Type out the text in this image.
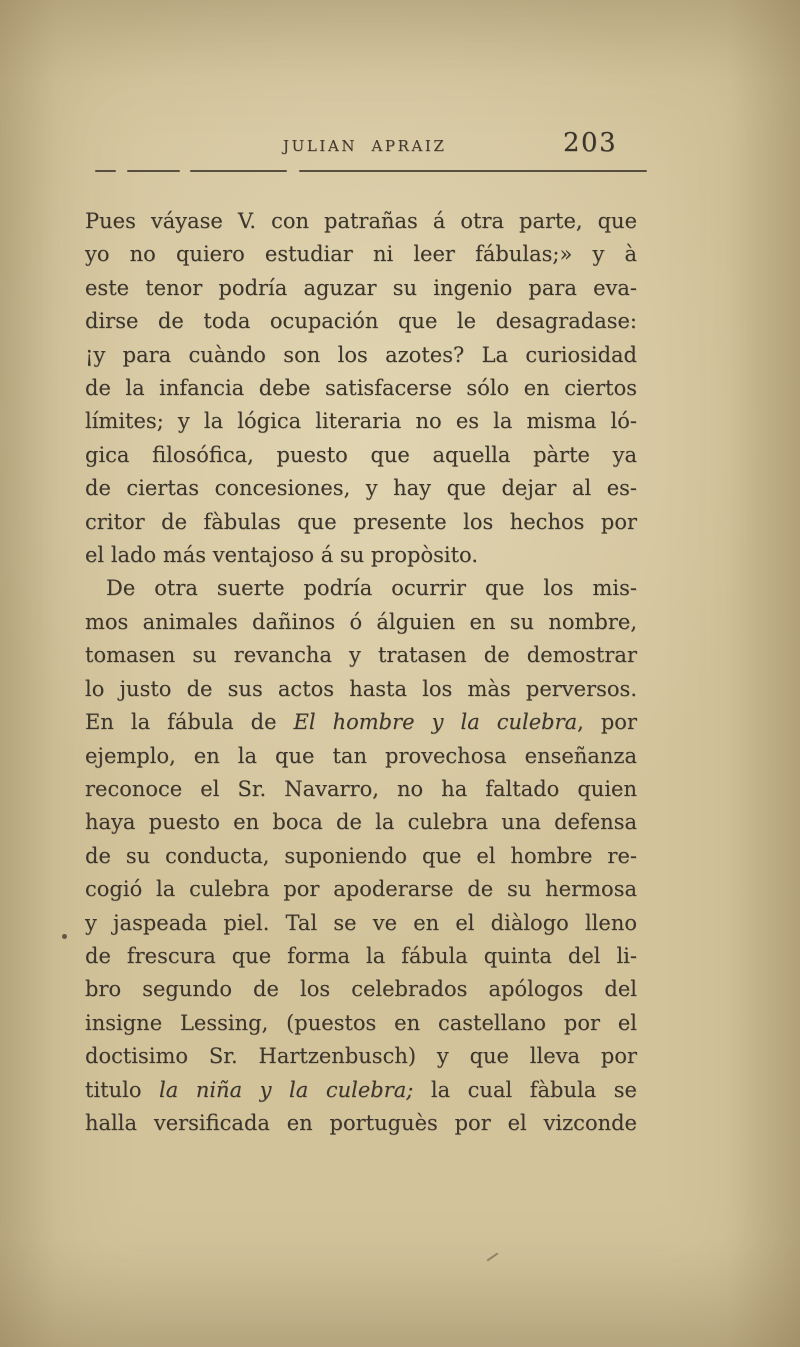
JULIAN APRAIZ	203
Pues váyase V. con patrañas á otra parte, que
yo no quiero estudiar ni leer fábulas;» y à
este tenor podría aguzar su ingenio para eva-
dirse de toda ocupación que le desagradase:
¡y para cuàndo son los azotes? La curiosidad
de la infancia debe satisfacerse sólo en ciertos
límites; y la lógica literaria no es la misma ló-
gica filosófica, puesto que aquella pàrte ya
de ciertas concesiones, y hay que dejar al es-
critor de fàbulas que presente los hechos por
el lado más ventajoso á su propòsito.
De otra suerte podría ocurrir que los mis-
mos animales dañinos ó álguien en su nombre,
tomasen su revancha y tratasen de demostrar
lo justo de sus actos hasta los màs perversos.
En la fábula de El hombre y la culebra, por
ejemplo, en la que tan provechosa enseñanza
reconoce el Sr. Navarro, no ha faltado quien
haya puesto en boca de la culebra una defensa
de su conducta, suponiendo que el hombre re-
cogió la culebra por apoderarse de su hermosa
y jaspeada piel. Tal se ve en el diàlogo lleno
de frescura que forma la fábula quinta del li-
bro segundo de los celebrados apólogos del
insigne Lessing, (puestos en castellano por el
doctisimo Sr. Hartzenbusch) y que lleva por
titulo la niña y la culebra; la cual fàbula se
halla versificada en portuguès por el vizconde
